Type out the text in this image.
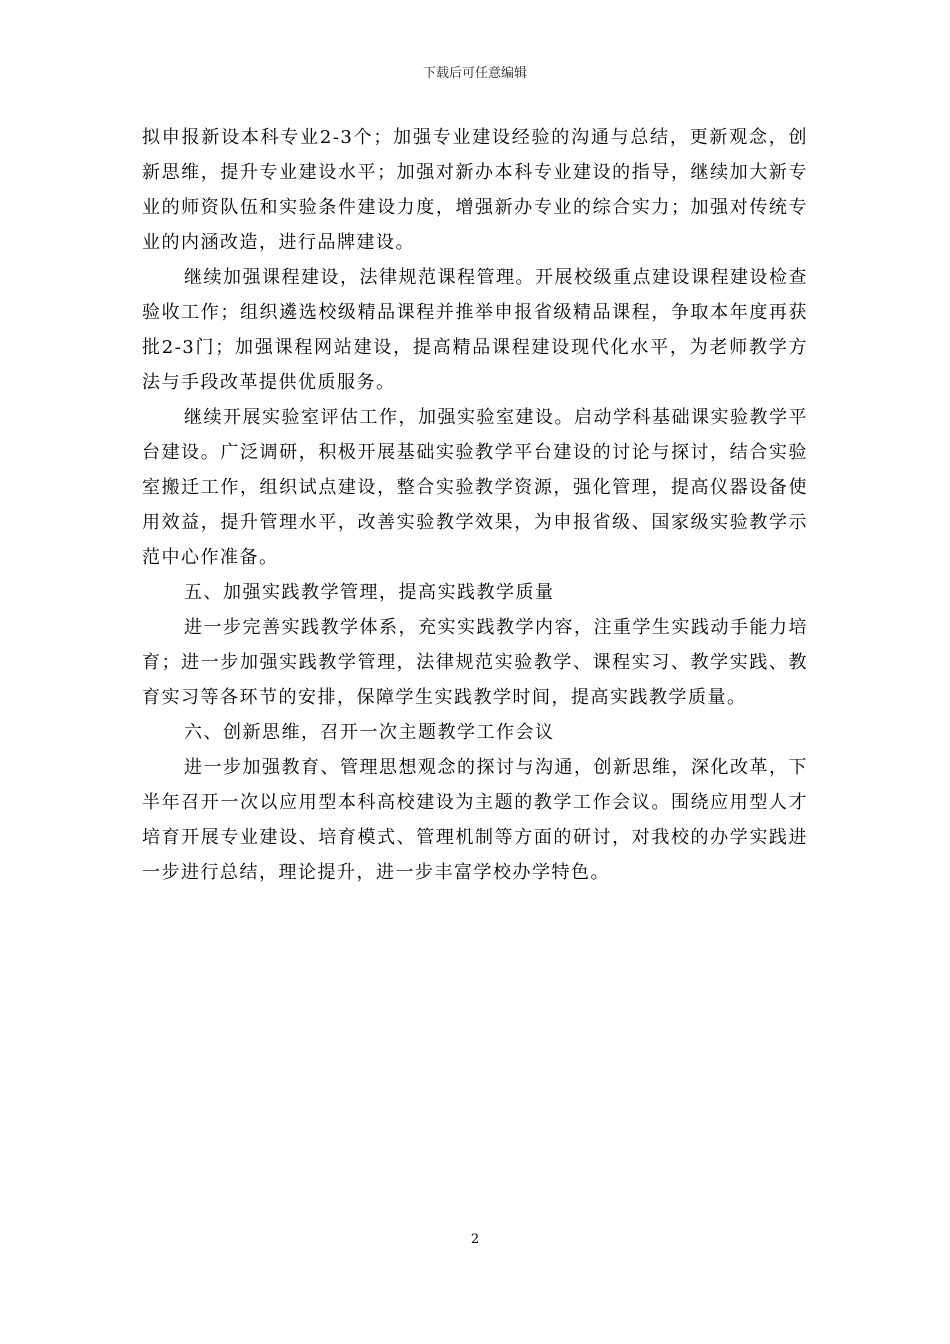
下载后可任意编辑

拟申报新设本科专业2-3个；加强专业建设经验的沟通与总结，更新观念，创新思维，提升专业建设水平；加强对新办本科专业建设的指导，继续加大新专业的师资队伍和实验条件建设力度，增强新办专业的综合实力；加强对传统专业的内涵改造，进行品牌建设。

继续加强课程建设，法律规范课程管理。开展校级重点建设课程建设检查验收工作；组织遴选校级精品课程并推举申报省级精品课程，争取本年度再获批2-3门；加强课程网站建设，提高精品课程建设现代化水平，为老师教学方法与手段改革提供优质服务。

继续开展实验室评估工作，加强实验室建设。启动学科基础课实验教学平台建设。广泛调研，积极开展基础实验教学平台建设的讨论与探讨，结合实验室搬迁工作，组织试点建设，整合实验教学资源，强化管理，提高仪器设备使用效益，提升管理水平，改善实验教学效果，为申报省级、国家级实验教学示范中心作准备。

五、加强实践教学管理，提高实践教学质量

进一步完善实践教学体系，充实实践教学内容，注重学生实践动手能力培育；进一步加强实践教学管理，法律规范实验教学、课程实习、教学实践、教育实习等各环节的安排，保障学生实践教学时间，提高实践教学质量。

六、创新思维，召开一次主题教学工作会议

进一步加强教育、管理思想观念的探讨与沟通，创新思维，深化改革，下半年召开一次以应用型本科高校建设为主题的教学工作会议。围绕应用型人才培育开展专业建设、培育模式、管理机制等方面的研讨，对我校的办学实践进一步进行总结，理论提升，进一步丰富学校办学特色。

2
